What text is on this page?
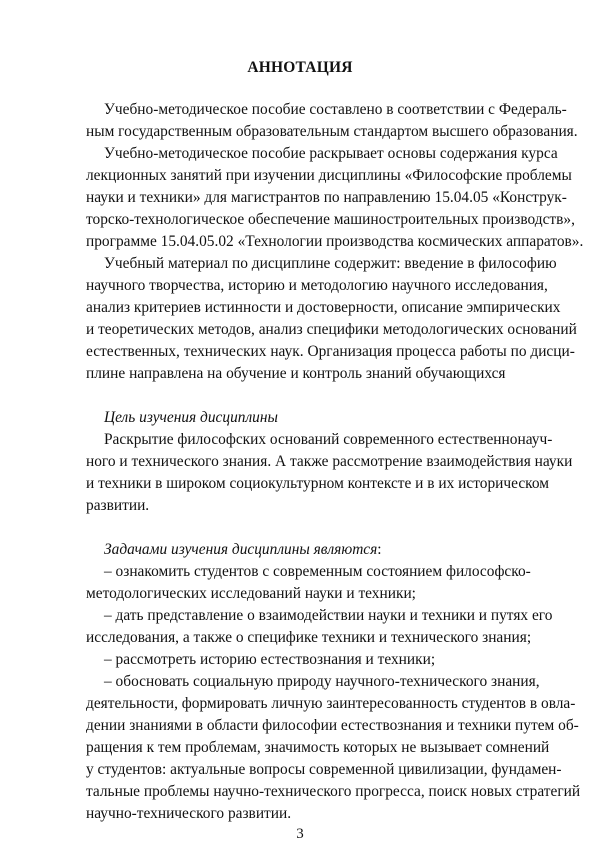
АННОТАЦИЯ
Учебно-методическое пособие составлено в соответствии с Федераль-
ным государственным образовательным стандартом высшего образования.
Учебно-методическое пособие раскрывает основы содержания курса
лекционных занятий при изучении дисциплины «Философские проблемы
науки и техники» для магистрантов по направлению 15.04.05 «Конструк-
торско-технологическое обеспечение машиностроительных производств»,
программе 15.04.05.02 «Технологии производства космических аппаратов».
Учебный материал по дисциплине содержит: введение в философию
научного творчества, историю и методологию научного исследования,
анализ критериев истинности и достоверности, описание эмпирических
и теоретических методов, анализ специфики методологических оснований
естественных, технических наук. Организация процесса работы по дисци-
плине направлена на обучение и контроль знаний обучающихся
Цель изучения дисциплины
Раскрытие философских оснований современного естественнонауч-
ного и технического знания. А также рассмотрение взаимодействия науки
и техники в широком социокультурном контексте и в их историческом
развитии.
Задачами изучения дисциплины являются:
– ознакомить студентов с современным состоянием философско-
методологических исследований науки и техники;
– дать представление о взаимодействии науки и техники и путях его
исследования, а также о специфике техники и технического знания;
– рассмотреть историю естествознания и техники;
– обосновать социальную природу научного-технического знания,
деятельности, формировать личную заинтересованность студентов в овла-
дении знаниями в области философии естествознания и техники путем об-
ращения к тем проблемам, значимость которых не вызывает сомнений
у студентов: актуальные вопросы современной цивилизации, фундамен-
тальные проблемы научно-технического прогресса, поиск новых стратегий
научно-технического развитии.
3
